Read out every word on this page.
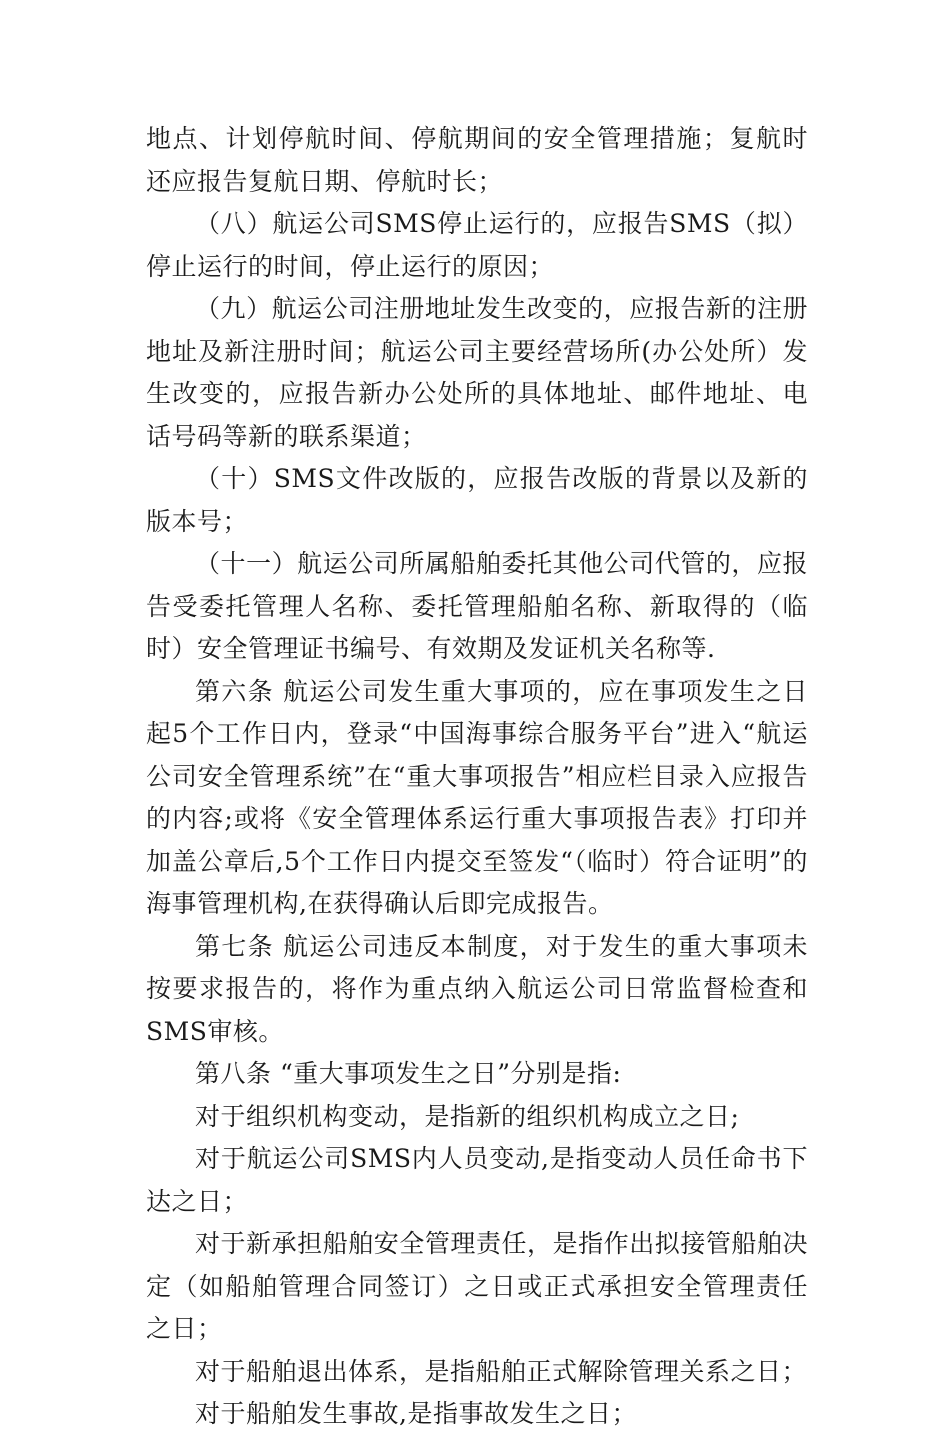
地点、计划停航时间、停航期间的安全管理措施；复航时还应报告复航日期、停航时长；

（八）航运公司SMS停止运行的，应报告SMS（拟）停止运行的时间，停止运行的原因；

（九）航运公司注册地址发生改变的，应报告新的注册地址及新注册时间；航运公司主要经营场所(办公处所）发生改变的，应报告新办公处所的具体地址、邮件地址、电话号码等新的联系渠道；

（十）SMS文件改版的，应报告改版的背景以及新的版本号；

（十一）航运公司所属船舶委托其他公司代管的，应报告受委托管理人名称、委托管理船舶名称、新取得的（临时）安全管理证书编号、有效期及发证机关名称等.

第六条 航运公司发生重大事项的，应在事项发生之日起5个工作日内，登录“中国海事综合服务平台”进入“航运公司安全管理系统”在“重大事项报告”相应栏目录入应报告的内容;或将《安全管理体系运行重大事项报告表》打印并加盖公章后,5个工作日内提交至签发“（临时）符合证明”的海事管理机构,在获得确认后即完成报告。

第七条 航运公司违反本制度，对于发生的重大事项未按要求报告的，将作为重点纳入航运公司日常监督检查和SMS审核。

第八条 “重大事项发生之日”分别是指:

对于组织机构变动，是指新的组织机构成立之日;

对于航运公司SMS内人员变动,是指变动人员任命书下达之日；

对于新承担船舶安全管理责任，是指作出拟接管船舶决定（如船舶管理合同签订）之日或正式承担安全管理责任之日；

对于船舶退出体系，是指船舶正式解除管理关系之日；

对于船舶发生事故,是指事故发生之日；
